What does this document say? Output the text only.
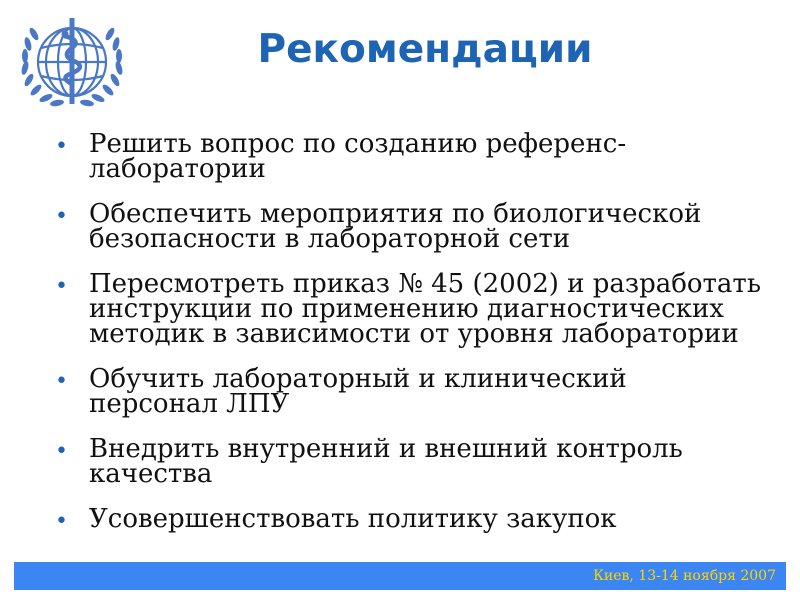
Рекомендации
• Решить вопрос по созданию референс-
лаборатории
• Обеспечить мероприятия по биологической
безопасности в лабораторной сети
• Пересмотреть приказ № 45 (2002) и разработать
инструкции по применению диагностических
методик в зависимости от уровня лаборатории
• Обучить лабораторный и клинический
персонал ЛПУ
• Внедрить внутренний и внешний контроль
качества
• Усовершенствовать политику закупок
Киев, 13-14 ноября 2007
